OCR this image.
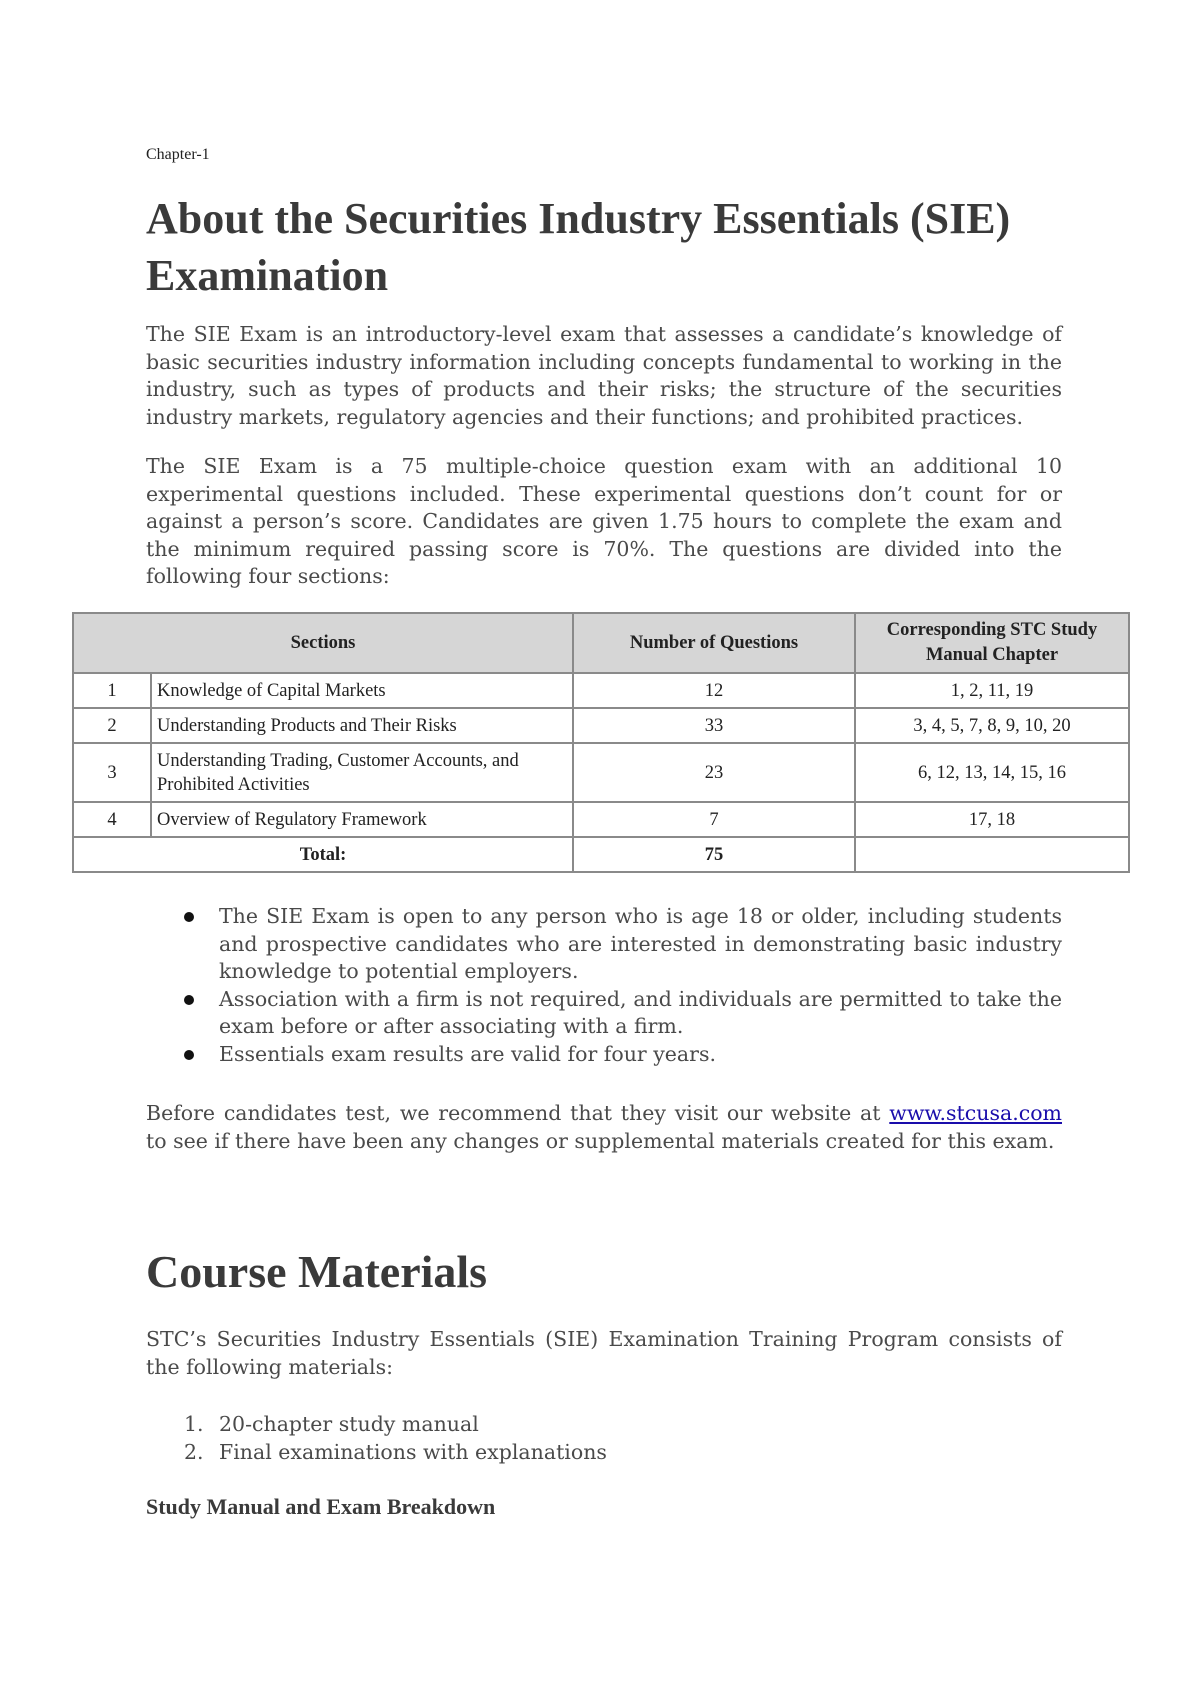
Chapter-1
About the Securities Industry Essentials (SIE) Examination

The SIE Exam is an introductory-level exam that assesses a candidate’s knowledge of basic securities industry information including concepts fundamental to working in the industry, such as types of products and their risks; the structure of the securities industry markets, regulatory agencies and their functions; and prohibited practices.

The SIE Exam is a 75 multiple-choice question exam with an additional 10 experimental questions included. These experimental questions don’t count for or against a person’s score. Candidates are given 1.75 hours to complete the exam and the minimum required passing score is 70%. The questions are divided into the following four sections:

Sections		Number of Questions	Corresponding STC Study Manual Chapter
1	Knowledge of Capital Markets	12	1, 2, 11, 19
2	Understanding Products and Their Risks	33	3, 4, 5, 7, 8, 9, 10, 20
3	Understanding Trading, Customer Accounts, and Prohibited Activities	23	6, 12, 13, 14, 15, 16
4	Overview of Regulatory Framework	7	17, 18
Total:		75	
The SIE Exam is open to any person who is age 18 or older, including students and prospective candidates who are interested in demonstrating basic industry knowledge to potential employers.
Association with a firm is not required, and individuals are permitted to take the exam before or after associating with a firm.
Essentials exam results are valid for four years.

Before candidates test, we recommend that they visit our website at www.stcusa.com to see if there have been any changes or supplemental materials created for this exam.

Course Materials

STC’s Securities Industry Essentials (SIE) Examination Training Program consists of the following materials:

1. 20-chapter study manual
2. Final examinations with explanations
Study Manual and Exam Breakdown
